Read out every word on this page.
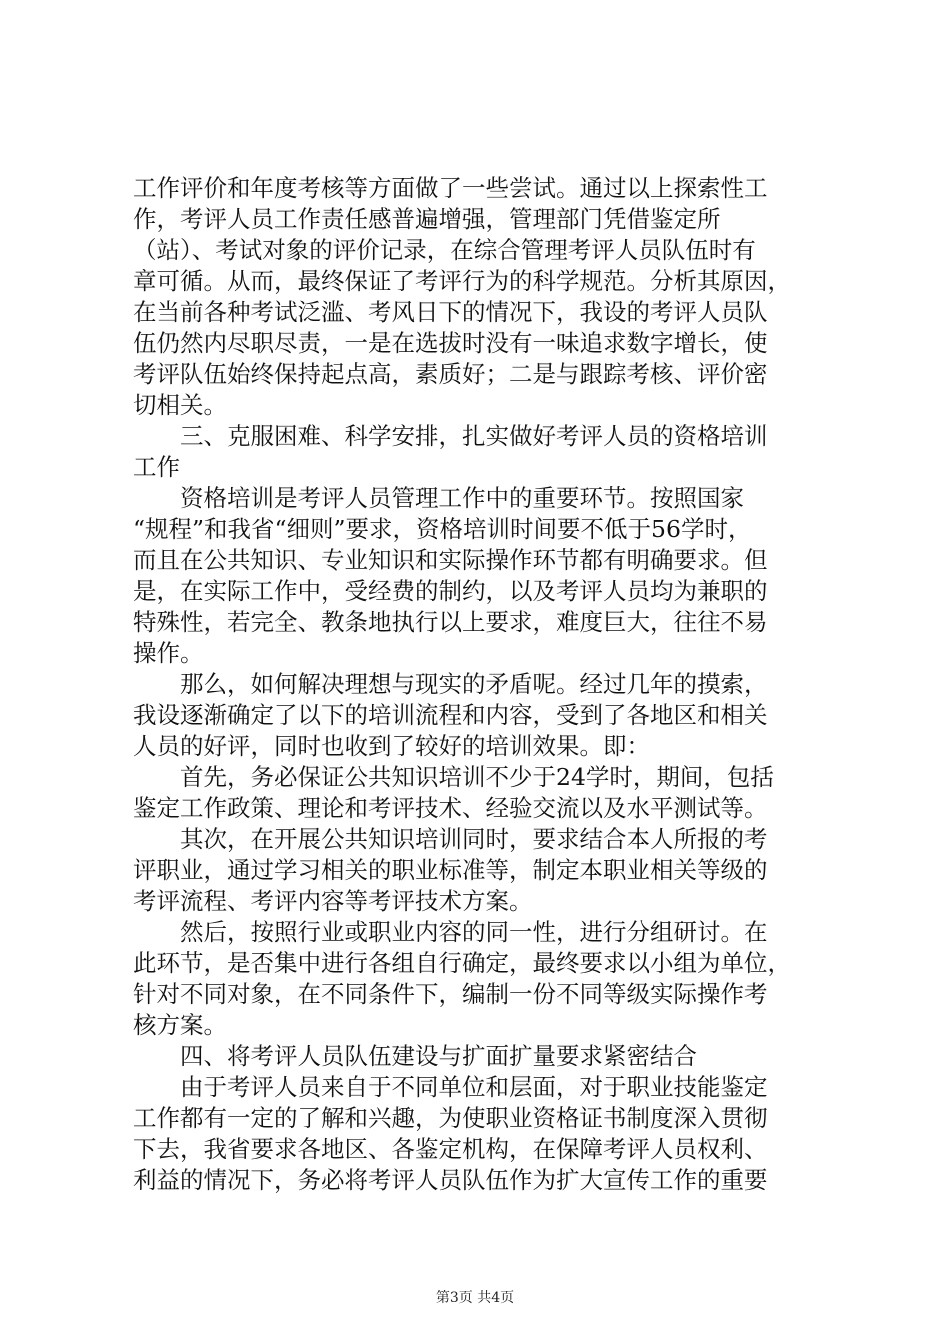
工作评价和年度考核等方面做了一些尝试。通过以上探索性工
作，考评人员工作责任感普遍增强，管理部门凭借鉴定所
（站）、考试对象的评价记录，在综合管理考评人员队伍时有
章可循。从而，最终保证了考评行为的科学规范。分析其原因，
在当前各种考试泛滥、考风日下的情况下，我设的考评人员队
伍仍然内尽职尽责，一是在选拔时没有一味追求数字增长，使
考评队伍始终保持起点高，素质好；二是与跟踪考核、评价密
切相关。
　　三、克服困难、科学安排，扎实做好考评人员的资格培训
工作
　　资格培训是考评人员管理工作中的重要环节。按照国家
“规程”和我省“细则”要求，资格培训时间要不低于56学时，
而且在公共知识、专业知识和实际操作环节都有明确要求。但
是，在实际工作中，受经费的制约，以及考评人员均为兼职的
特殊性，若完全、教条地执行以上要求，难度巨大，往往不易
操作。
　　那么，如何解决理想与现实的矛盾呢。经过几年的摸索，
我设逐渐确定了以下的培训流程和内容，受到了各地区和相关
人员的好评，同时也收到了较好的培训效果。即：
　　首先，务必保证公共知识培训不少于24学时，期间，包括
鉴定工作政策、理论和考评技术、经验交流以及水平测试等。
　　其次，在开展公共知识培训同时，要求结合本人所报的考
评职业，通过学习相关的职业标准等，制定本职业相关等级的
考评流程、考评内容等考评技术方案。
　　然后，按照行业或职业内容的同一性，进行分组研讨。在
此环节，是否集中进行各组自行确定，最终要求以小组为单位，
针对不同对象，在不同条件下，编制一份不同等级实际操作考
核方案。
　　四、将考评人员队伍建设与扩面扩量要求紧密结合
　　由于考评人员来自于不同单位和层面，对于职业技能鉴定
工作都有一定的了解和兴趣，为使职业资格证书制度深入贯彻
下去，我省要求各地区、各鉴定机构，在保障考评人员权利、
利益的情况下，务必将考评人员队伍作为扩大宣传工作的重要
第3页 共4页
